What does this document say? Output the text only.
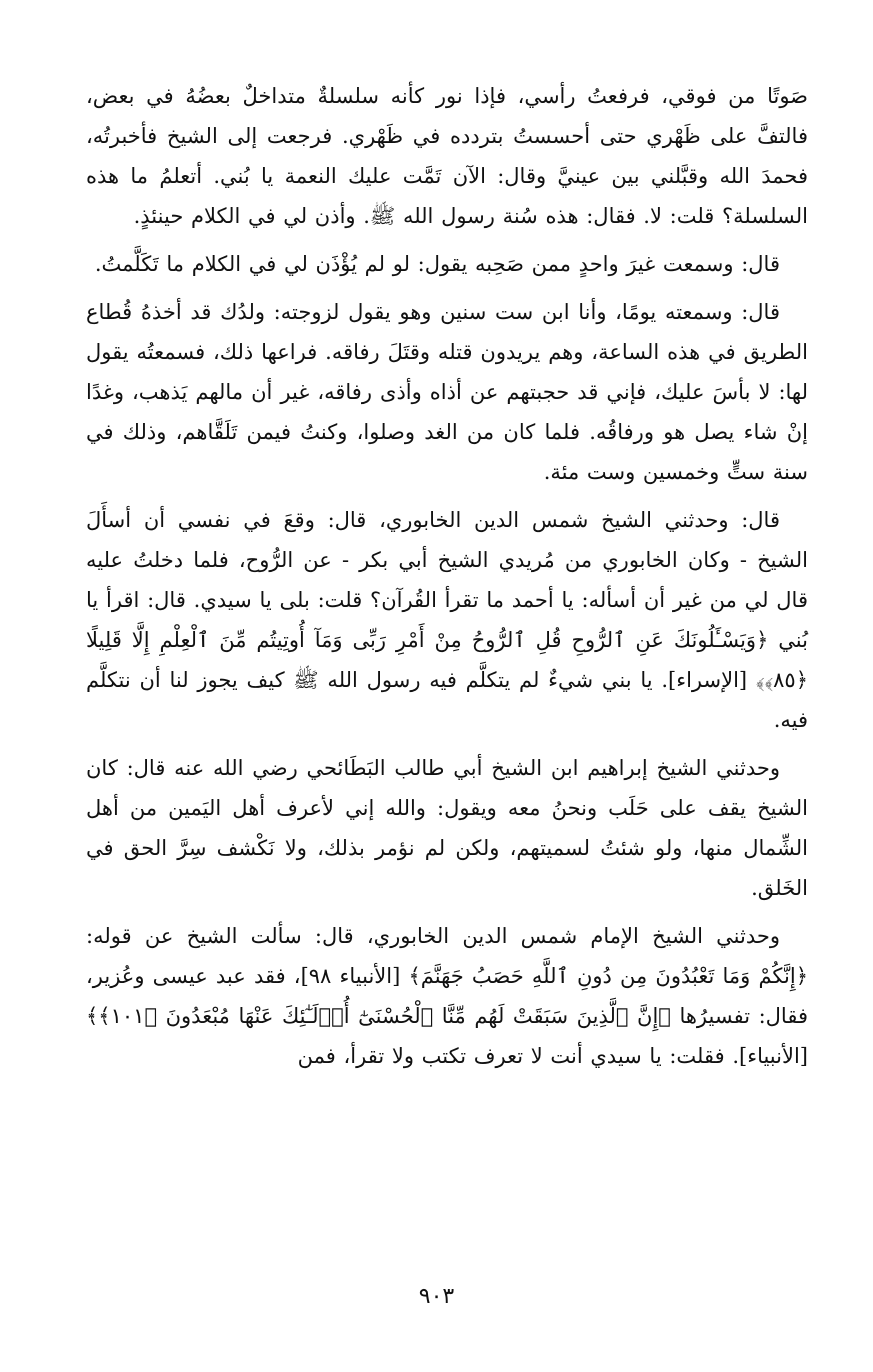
صَوتًا من فوقي، فرفعتُ رأسي، فإذا نور كأنه سلسلةٌ متداخلٌ بعضُهُ في بعض، فالتفَّ على ظَهْري حتى أحسستُ بتردده في ظَهْري. فرجعت إلى الشيخ فأخبرتُه، فحمدَ الله وقبَّلني بين عينيَّ وقال: الآن تَمَّت عليك النعمة يا بُني. أتعلمُ ما هذه السلسلة؟ قلت: لا. فقال: هذه سُنة رسول الله ﷺ. وأذن لي في الكلام حينئذٍ.

قال: وسمعت غيرَ واحدٍ ممن صَحِبه يقول: لو لم يُؤْذَن لي في الكلام ما تَكَلَّمتُ.

قال: وسمعته يومًا، وأنا ابن ست سنين وهو يقول لزوجته: ولدُك قد أخذهُ قُطاع الطريق في هذه الساعة، وهم يريدون قتله وقتَلَ رفاقه. فراعها ذلك، فسمعتُه يقول لها: لا بأسَ عليك، فإني قد حجبتهم عن أذاه وأذى رفاقه، غير أن مالهم يَذهب، وغدًا إنْ شاء يصل هو ورفاقُه. فلما كان من الغد وصلوا، وكنتُ فيمن تَلَقَّاهم، وذلك في سنة ستٍّ وخمسين وست مئة.

قال: وحدثني الشيخ شمس الدين الخابوري، قال: وقعَ في نفسي أن أسأَلَ الشيخ - وكان الخابوري من مُريدي الشيخ أبي بكر - عن الرُّوح، فلما دخلتُ عليه قال لي من غير أن أسأله: يا أحمد ما تقرأ القُرآن؟ قلت: بلى يا سيدي. قال: اقرأ يا بُني ﴿وَيَسْـَٔلُونَكَ عَنِ ٱلرُّوحِ قُلِ ٱلرُّوحُ مِنْ أَمْرِ رَبِّى وَمَآ أُوتِيتُم مِّنَ ٱلْعِلْمِ إِلَّا قَلِيلًا ﴿٨٥﴾﴾ [الإسراء]. يا بني شيءٌ لم يتكلَّم فيه رسول الله ﷺ كيف يجوز لنا أن نتكلَّم فيه.

وحدثني الشيخ إبراهيم ابن الشيخ أبي طالب البَطَائحي رضي الله عنه قال: كان الشيخ يقف على حَلَب ونحنُ معه ويقول: والله إني لأعرف أهل اليَمين من أهل الشِّمال منها، ولو شئتُ لسميتهم، ولكن لم نؤمر بذلك، ولا نَكْشف سِرَّ الحق في الخَلق.

وحدثني الشيخ الإمام شمس الدين الخابوري، قال: سألت الشيخ عن قوله: ﴿إِنَّكُمْ وَمَا تَعْبُدُونَ مِن دُونِ ٱللَّهِ حَصَبُ جَهَنَّمَ﴾ [الأنبياء ٩٨]، فقد عبد عيسى وعُزير، فقال: تفسيرُها ﴿إِنَّ ٱلَّذِينَ سَبَقَتْ لَهُم مِّنَّا ٱلْحُسْنَىٰٓ أُو۟لَـٰٓئِكَ عَنْهَا مُبْعَدُونَ ﴿١٠١﴾﴾ [الأنبياء]. فقلت: يا سيدي أنت لا تعرف تكتب ولا تقرأ، فمن

٩٠٣
